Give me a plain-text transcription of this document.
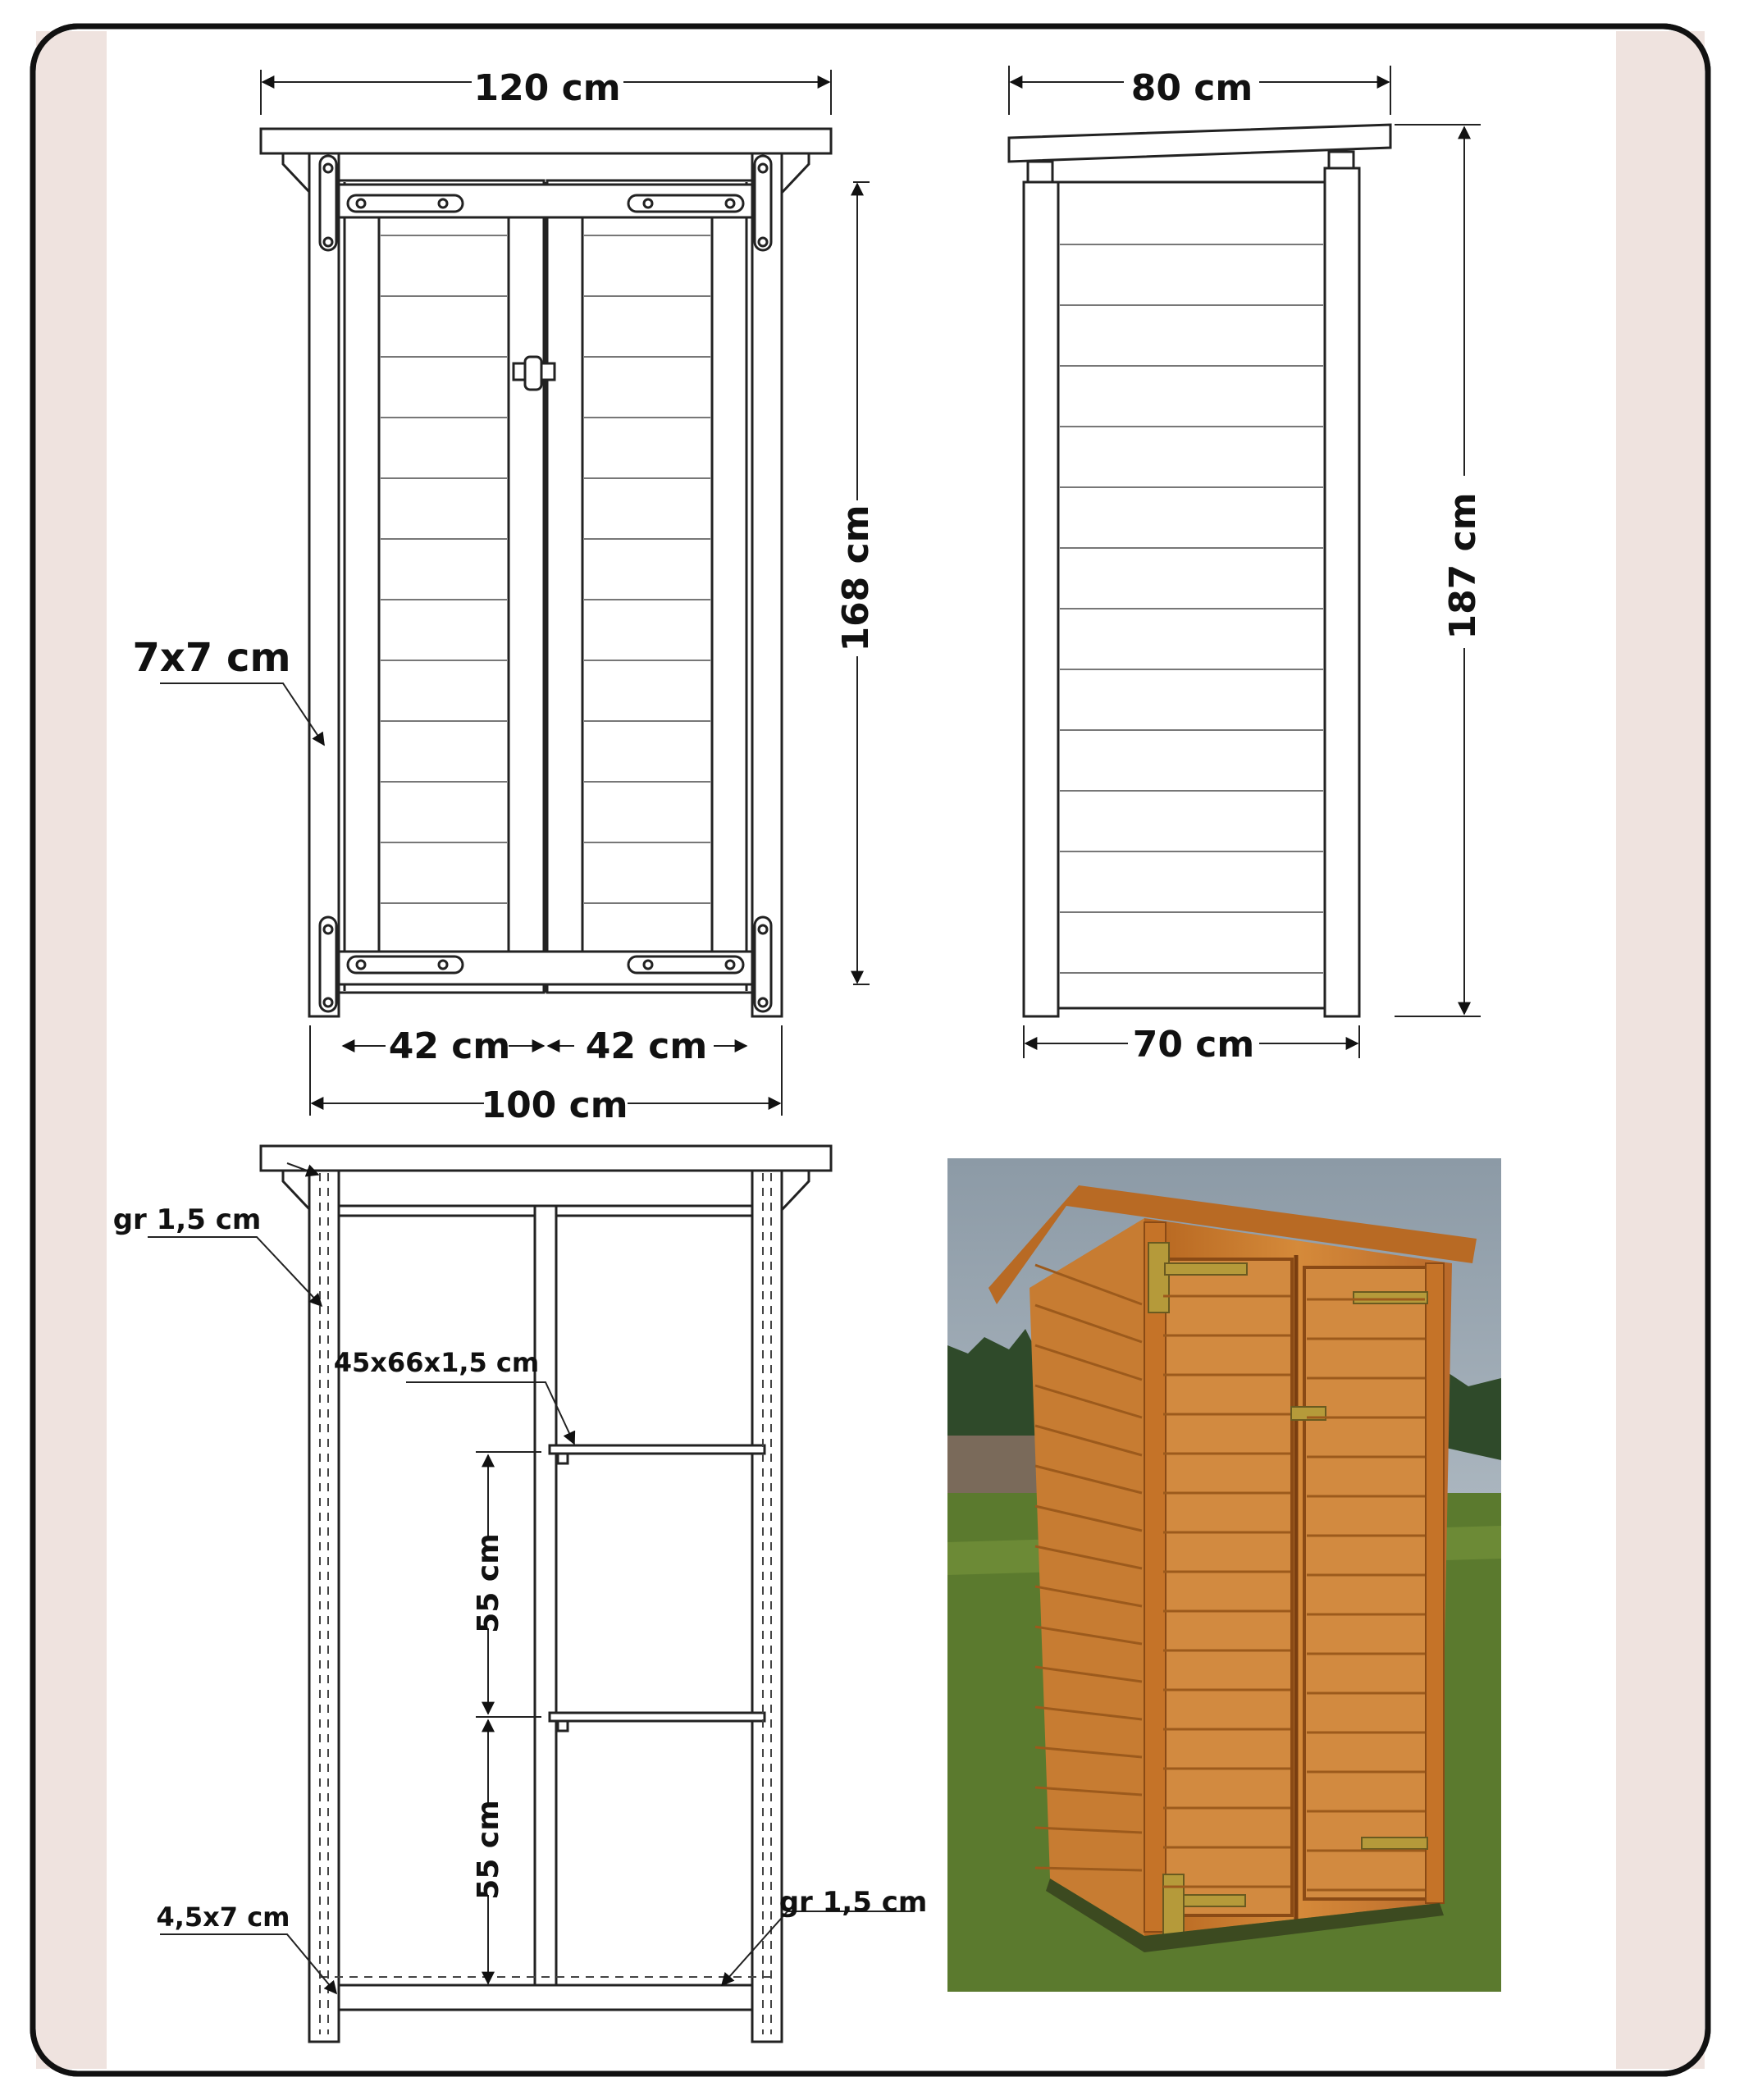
120 cm
168 cm
7x7 cm
42 cm 42 cm
100 cm
80 cm
187 cm
70 cm
gr 1,5 cm
45x66x1,5 cm
55 cm
55 cm
4,5x7 cm	gr 1,5 cm
